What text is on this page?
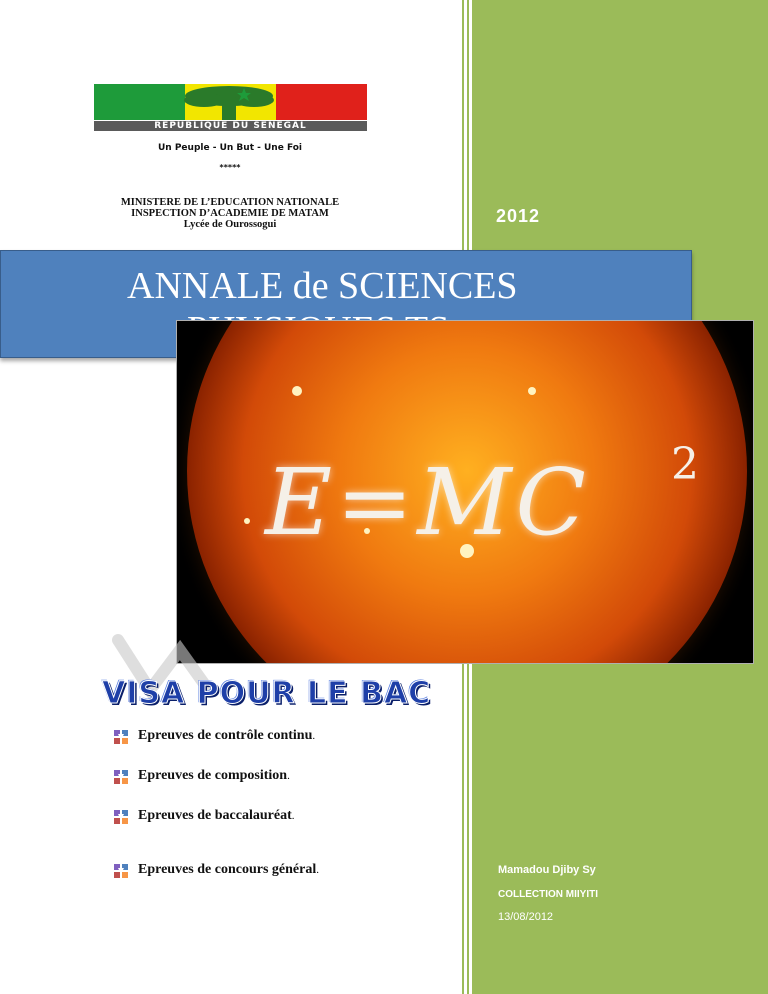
REPUBLIQUE DU SENEGAL
Un Peuple - Un But - Une Foi
*****
MINISTERE DE L’EDUCATION NATIONALE
INSPECTION D’ACADEMIE DE MATAM
Lycée de Ourossogui	2012
ANNALE de SCIENCES
E=MC 2
VISA POUR LE BAC
Epreuves de contrôle continu.
Epreuves de composition.
Epreuves de baccalauréat.
Epreuves de concours général.	Mamadou Djiby Sy
COLLECTION MIIYITI
13/08/2012
